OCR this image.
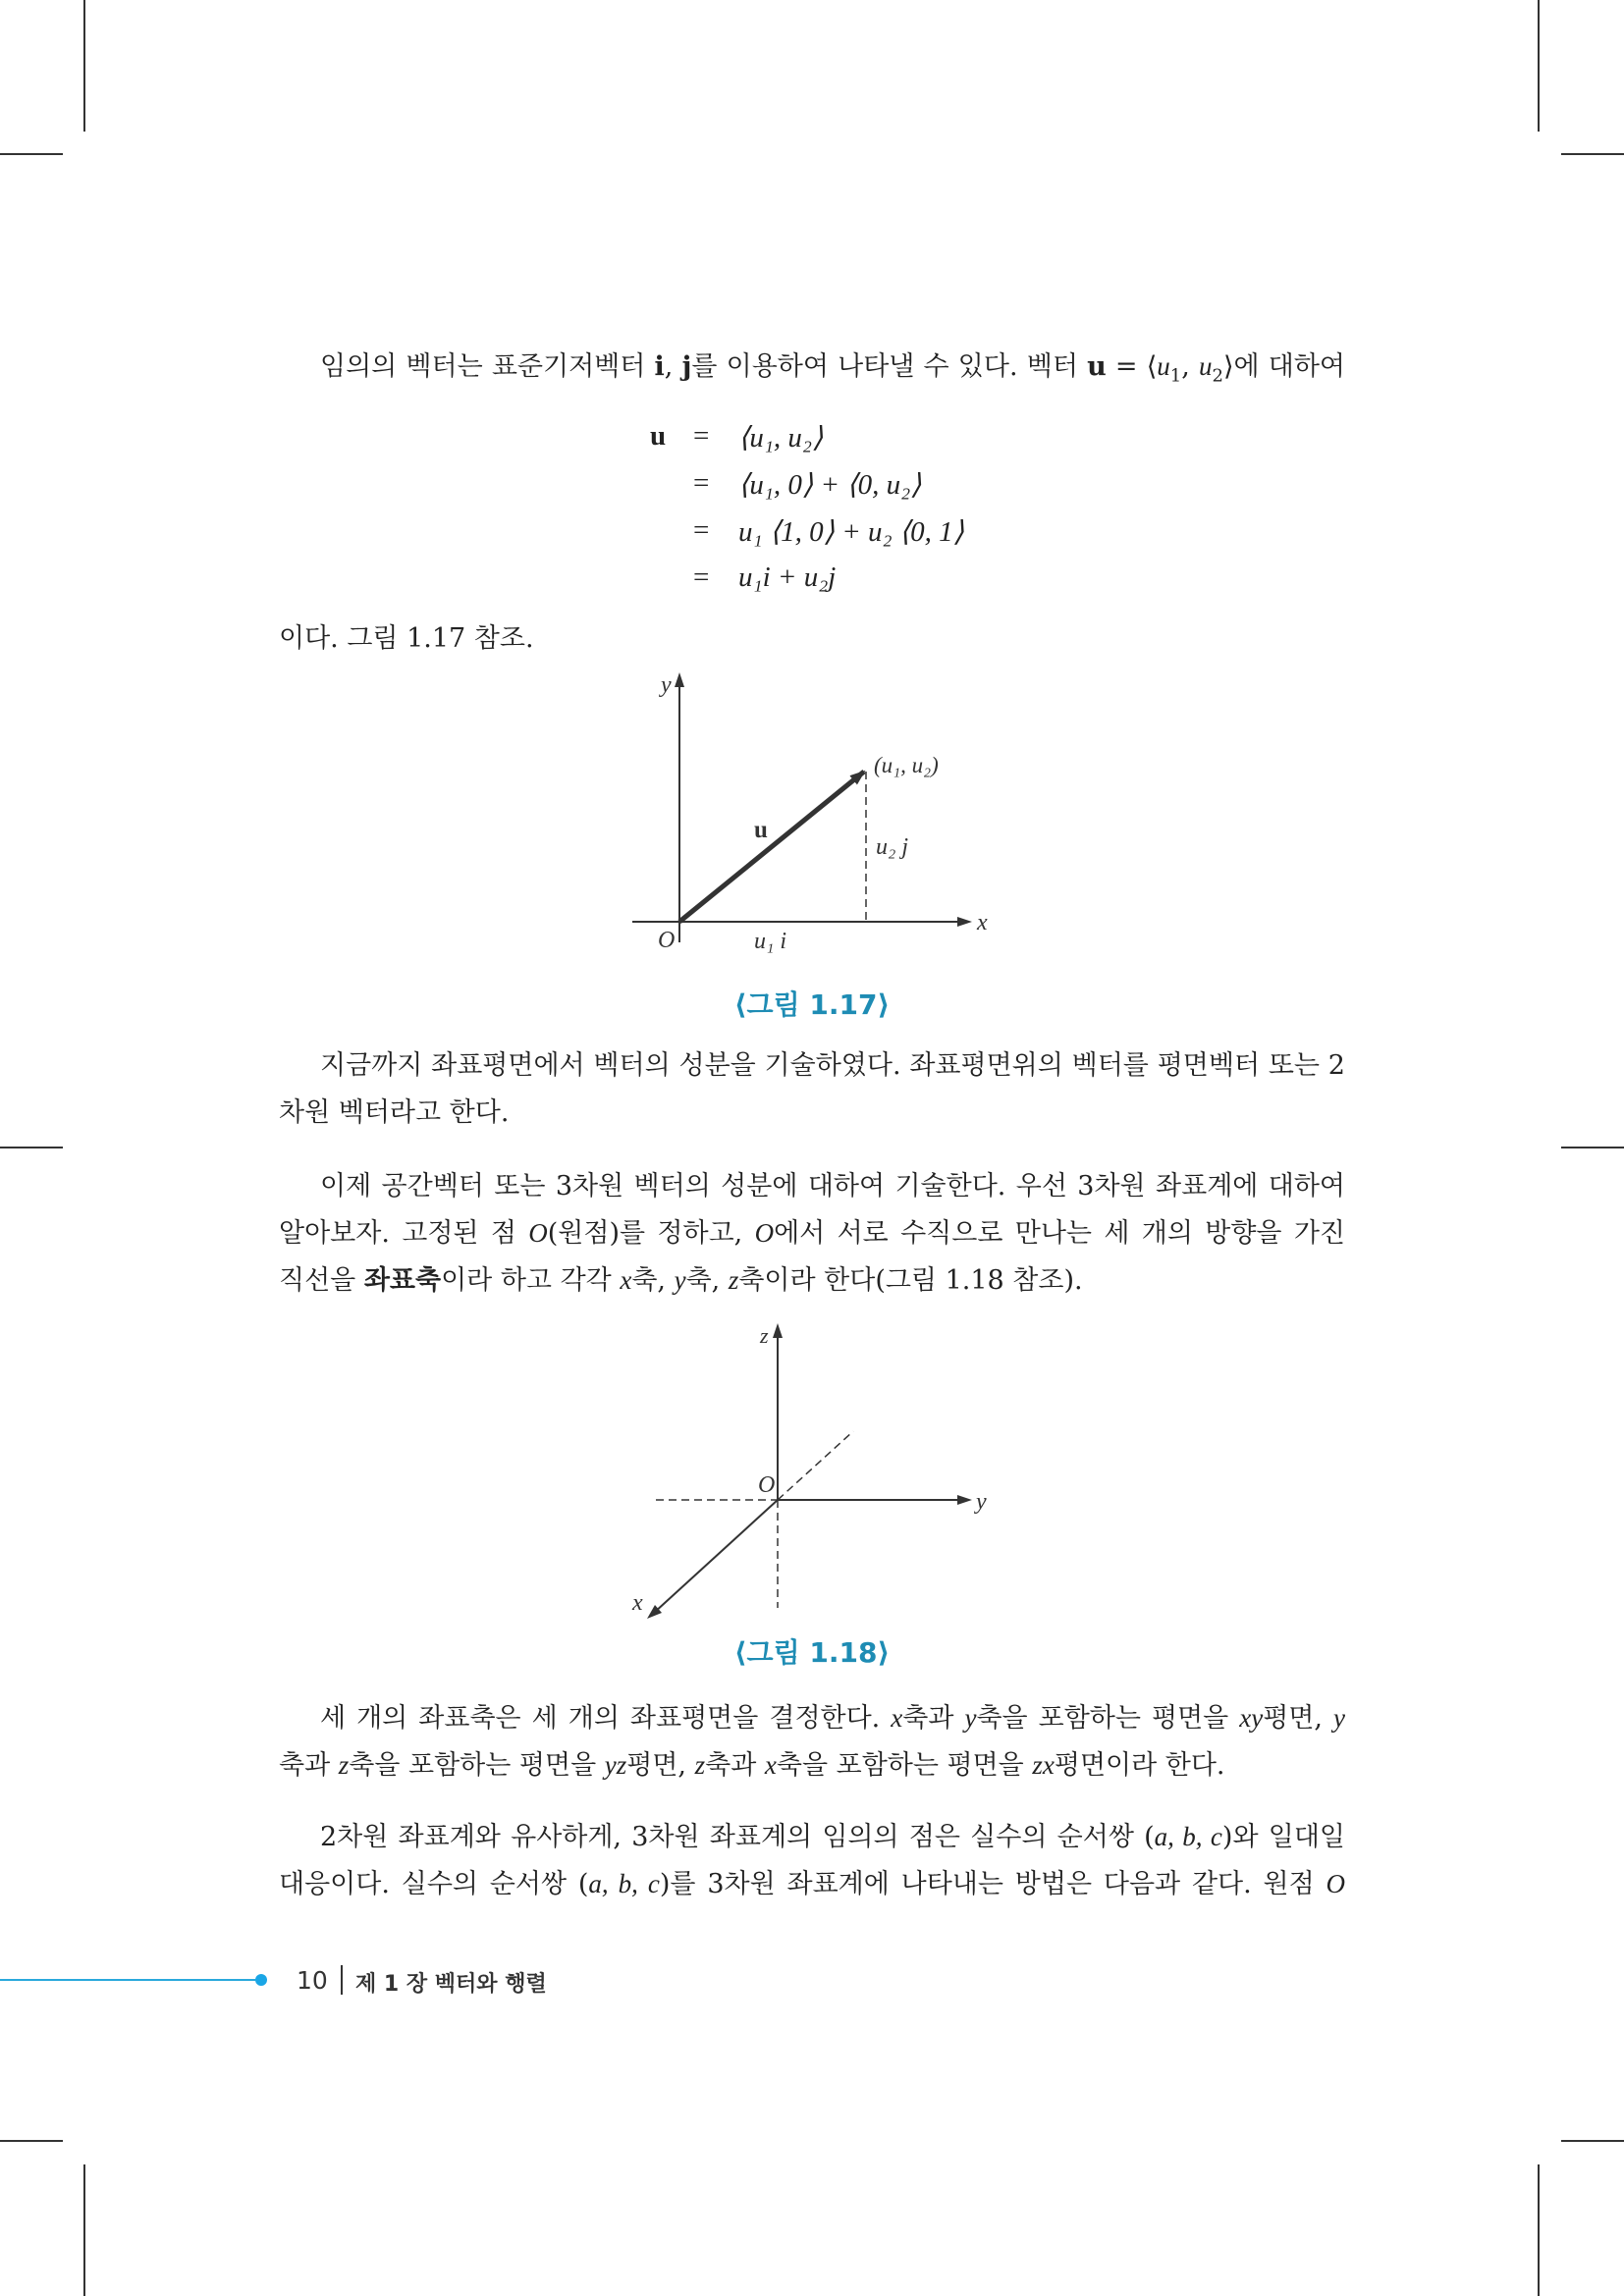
임의의 벡터는 표준기저벡터 i, j를 이용하여 나타낼 수 있다. 벡터 $u = ⟨u_1$, $u_2⟩$에 대하여
u = ⟨u₁, u₂⟩
= ⟨u₁, 0⟩ + ⟨0, u₂⟩
= u₁ ⟨1, 0⟩ + u₂ ⟨0, 1⟩
= u₁i + u₂j
이다. 그림 1.17 참조.
y
x
O
u
(u₁, u₂)
u₁ i
u₂ j
⟨그림 1.17⟩
지금까지 좌표평면에서 벡터의 성분을 기술하였다. 좌표평면위의 벡터를 평면벡터 또는 2
차원 벡터라고 한다.
이제 공간벡터 또는 3차원 벡터의 성분에 대하여 기술한다. 우선 3차원 좌표계에 대하여
알아보자. 고정된 점 O(원점)를 정하고, O에서 서로 수직으로 만나는 세 개의 방향을 가진
직선을 좌표축이라 하고 각각 x축, y축, z축이라 한다(그림 1.18 참조).
z
y
x
O
⟨그림 1.18⟩
세 개의 좌표축은 세 개의 좌표평면을 결정한다. x축과 y축을 포함하는 평면을 xy평면, y
축과 z축을 포함하는 평면을 yz평면, z축과 x축을 포함하는 평면을 zx평면이라 한다.
2차원 좌표계와 유사하게, 3차원 좌표계의 임의의 점은 실수의 순서쌍 (a, b, c)와 일대일
대응이다. 실수의 순서쌍 (a, b, c)를 3차원 좌표계에 나타내는 방법은 다음과 같다. 원점 O
10 제 1 장 벡터와 행렬
